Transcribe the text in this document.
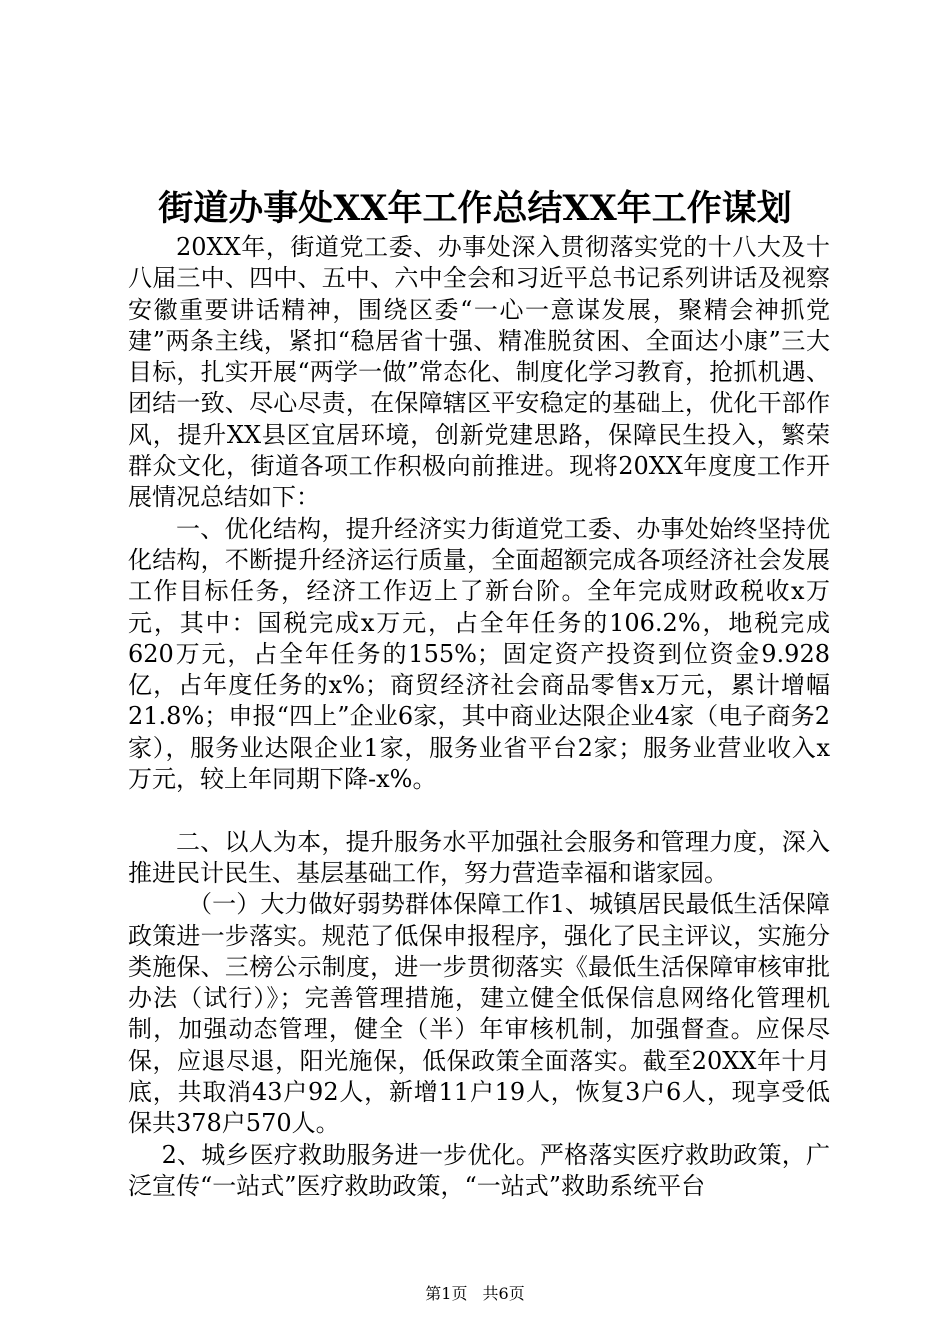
街道办事处XX年工作总结XX年工作谋划

20XX年，街道党工委、办事处深入贯彻落实党的十八大及十八届三中、四中、五中、六中全会和习近平总书记系列讲话及视察安徽重要讲话精神，围绕区委“一心一意谋发展，聚精会神抓党建”两条主线，紧扣“稳居省十强、精准脱贫困、全面达小康”三大目标，扎实开展“两学一做”常态化、制度化学习教育，抢抓机遇、团结一致、尽心尽责，在保障辖区平安稳定的基础上，优化干部作风，提升XX县区宜居环境，创新党建思路，保障民生投入，繁荣群众文化，街道各项工作积极向前推进。现将20XX年度度工作开展情况总结如下：

一、优化结构，提升经济实力街道党工委、办事处始终坚持优化结构，不断提升经济运行质量，全面超额完成各项经济社会发展工作目标任务，经济工作迈上了新台阶。全年完成财政税收x万元，其中：国税完成x万元，占全年任务的106.2%，地税完成620万元，占全年任务的155%；固定资产投资到位资金9.928亿，占年度任务的x%；商贸经济社会商品零售x万元，累计增幅21.8%；申报“四上”企业6家，其中商业达限企业4家（电子商务2家），服务业达限企业1家，服务业省平台2家；服务业营业收入x万元，较上年同期下降-x%。

二、以人为本，提升服务水平加强社会服务和管理力度，深入推进民计民生、基层基础工作，努力营造幸福和谐家园。

（一）大力做好弱势群体保障工作1、城镇居民最低生活保障政策进一步落实。规范了低保申报程序，强化了民主评议，实施分类施保、三榜公示制度，进一步贯彻落实《最低生活保障审核审批办法（试行）》；完善管理措施，建立健全低保信息网络化管理机制，加强动态管理，健全（半）年审核机制，加强督查。应保尽保，应退尽退，阳光施保，低保政策全面落实。截至20XX年十月底，共取消43户92人，新增11户19人，恢复3户6人，现享受低保共378户570人。

2、城乡医疗救助服务进一步优化。严格落实医疗救助政策，广泛宣传“一站式”医疗救助政策，“一站式”救助系统平台

第1页 共6页
